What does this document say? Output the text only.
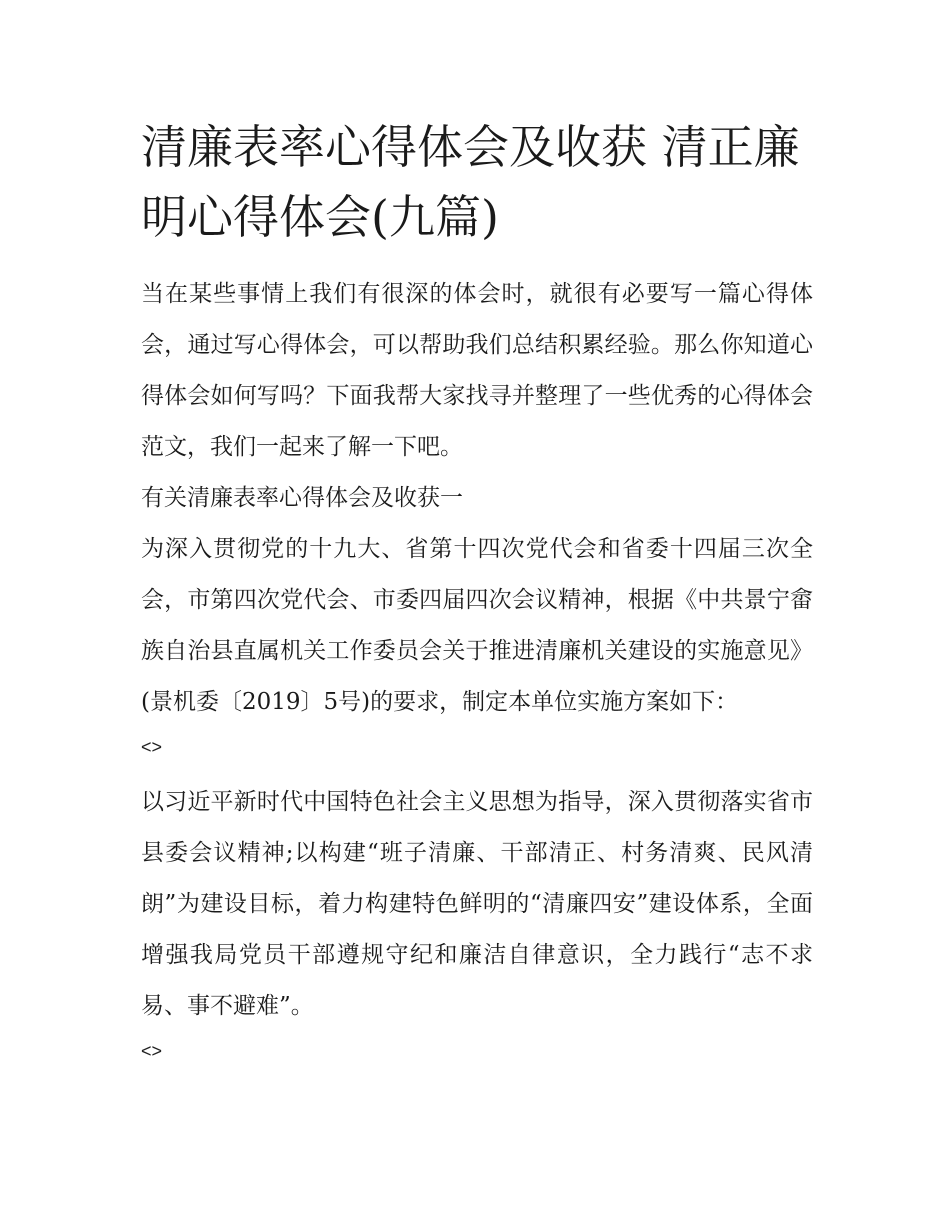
清廉表率心得体会及收获 清正廉明心得体会(九篇)

当在某些事情上我们有很深的体会时，就很有必要写一篇心得体会，通过写心得体会，可以帮助我们总结积累经验。那么你知道心得体会如何写吗？下面我帮大家找寻并整理了一些优秀的心得体会范文，我们一起来了解一下吧。

有关清廉表率心得体会及收获一

为深入贯彻党的十九大、省第十四次党代会和省委十四届三次全会，市第四次党代会、市委四届四次会议精神，根据《中共景宁畲族自治县直属机关工作委员会关于推进清廉机关建设的实施意见》(景机委〔2019〕5号)的要求，制定本单位实施方案如下：

<>

以习近平新时代中国特色社会主义思想为指导，深入贯彻落实省市县委会议精神;以构建“班子清廉、干部清正、村务清爽、民风清朗”为建设目标，着力构建特色鲜明的“清廉四安”建设体系，全面增强我局党员干部遵规守纪和廉洁自律意识，全力践行“志不求易、事不避难”。

<>
